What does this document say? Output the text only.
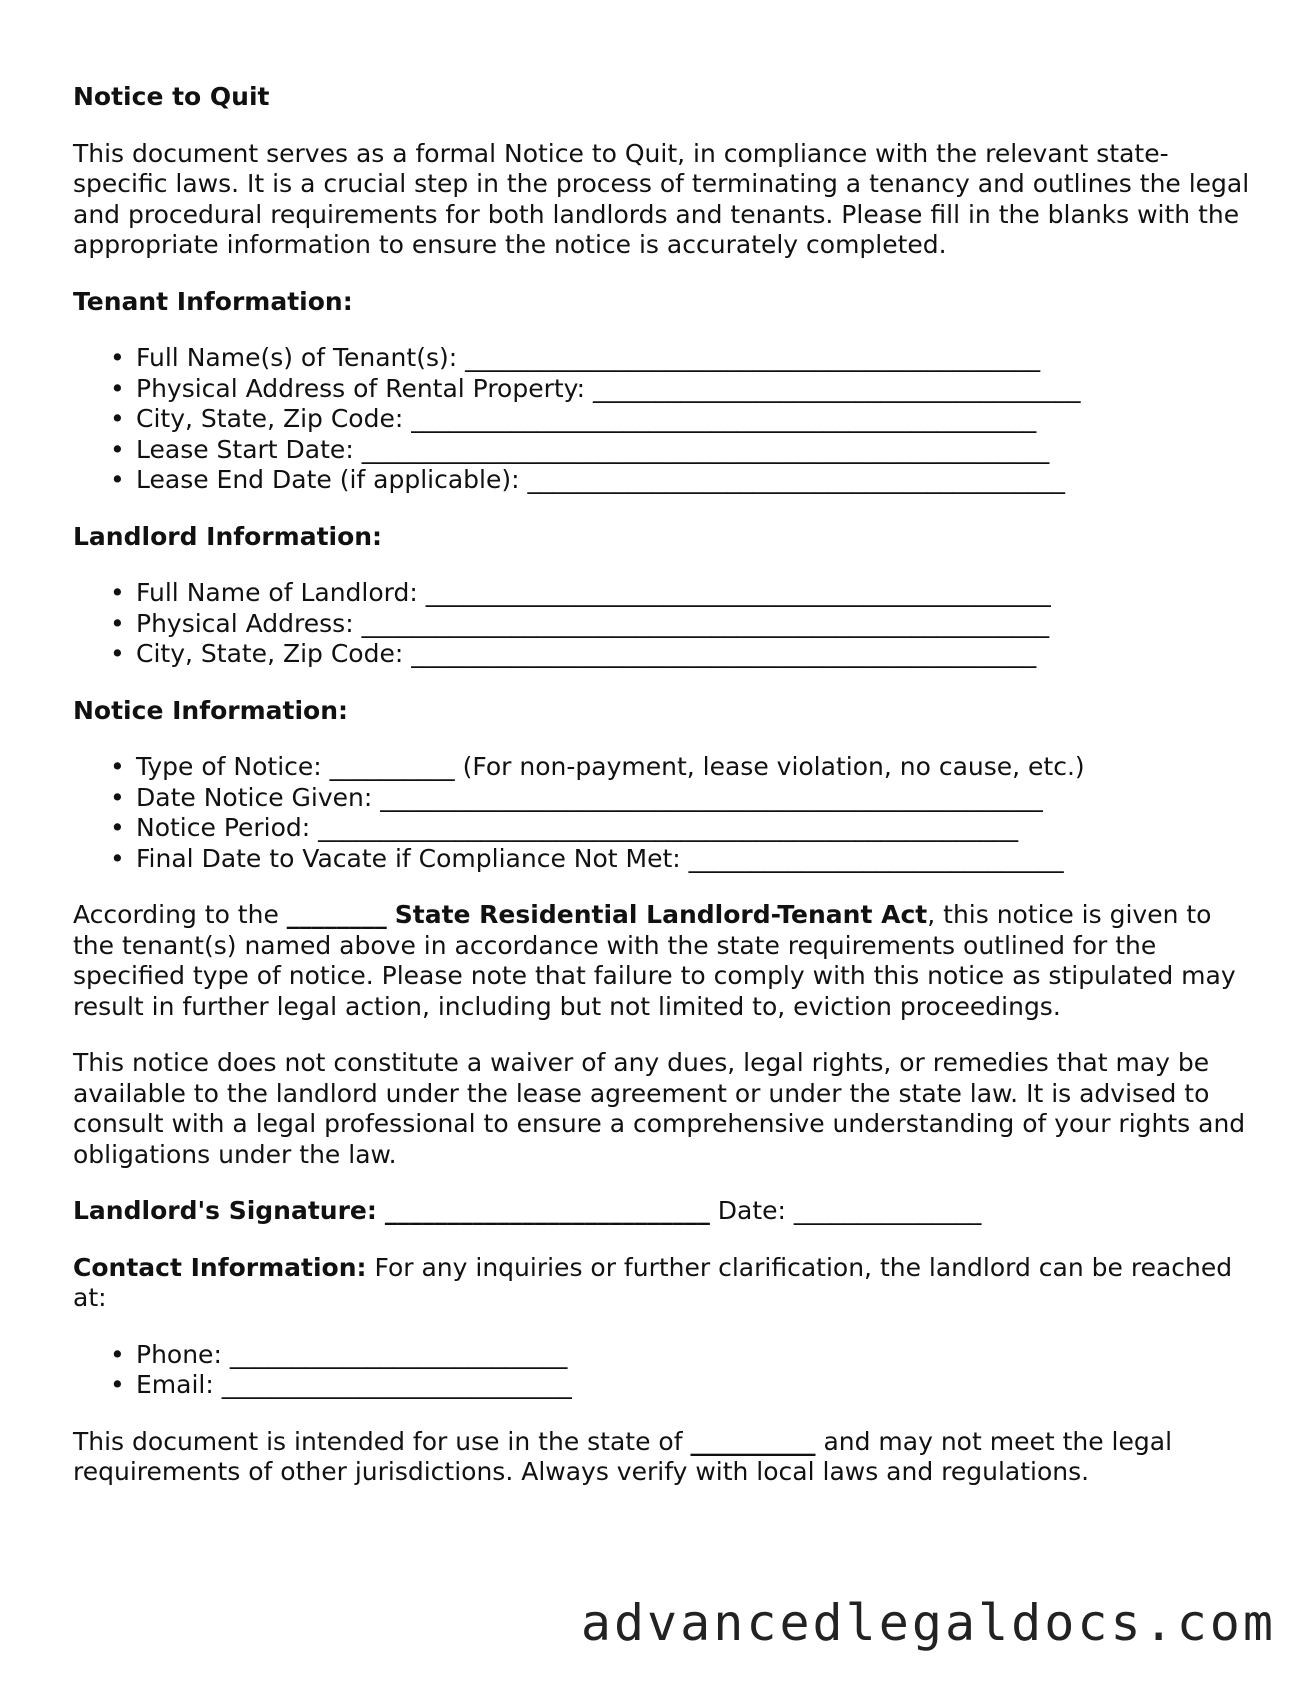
Notice to Quit

This document serves as a formal Notice to Quit, in compliance with the relevant state-specific laws. It is a crucial step in the process of terminating a tenancy and outlines the legal and procedural requirements for both landlords and tenants. Please fill in the blanks with the appropriate information to ensure the notice is accurately completed.

Tenant Information:
• Full Name(s) of Tenant(s): ______________________________________________
• Physical Address of Rental Property: _______________________________________
• City, State, Zip Code: __________________________________________________
• Lease Start Date: _______________________________________________________
• Lease End Date (if applicable): ___________________________________________
Landlord Information:
• Full Name of Landlord: __________________________________________________
• Physical Address: _______________________________________________________
• City, State, Zip Code: __________________________________________________
Notice Information:
• Type of Notice: __________ (For non-payment, lease violation, no cause, etc.)
• Date Notice Given: _____________________________________________________
• Notice Period: ________________________________________________________
• Final Date to Vacate if Compliance Not Met: ______________________________

According to the ________ State Residential Landlord-Tenant Act, this notice is given to the tenant(s) named above in accordance with the state requirements outlined for the specified type of notice. Please note that failure to comply with this notice as stipulated may result in further legal action, including but not limited to, eviction proceedings.

This notice does not constitute a waiver of any dues, legal rights, or remedies that may be available to the landlord under the lease agreement or under the state law. It is advised to consult with a legal professional to ensure a comprehensive understanding of your rights and obligations under the law.

Landlord's Signature: __________________________ Date: _______________

Contact Information: For any inquiries or further clarification, the landlord can be reached at:

• Phone: ___________________________
• Email: ____________________________

This document is intended for use in the state of __________ and may not meet the legal requirements of other jurisdictions. Always verify with local laws and regulations.

advancedlegaldocs.com
